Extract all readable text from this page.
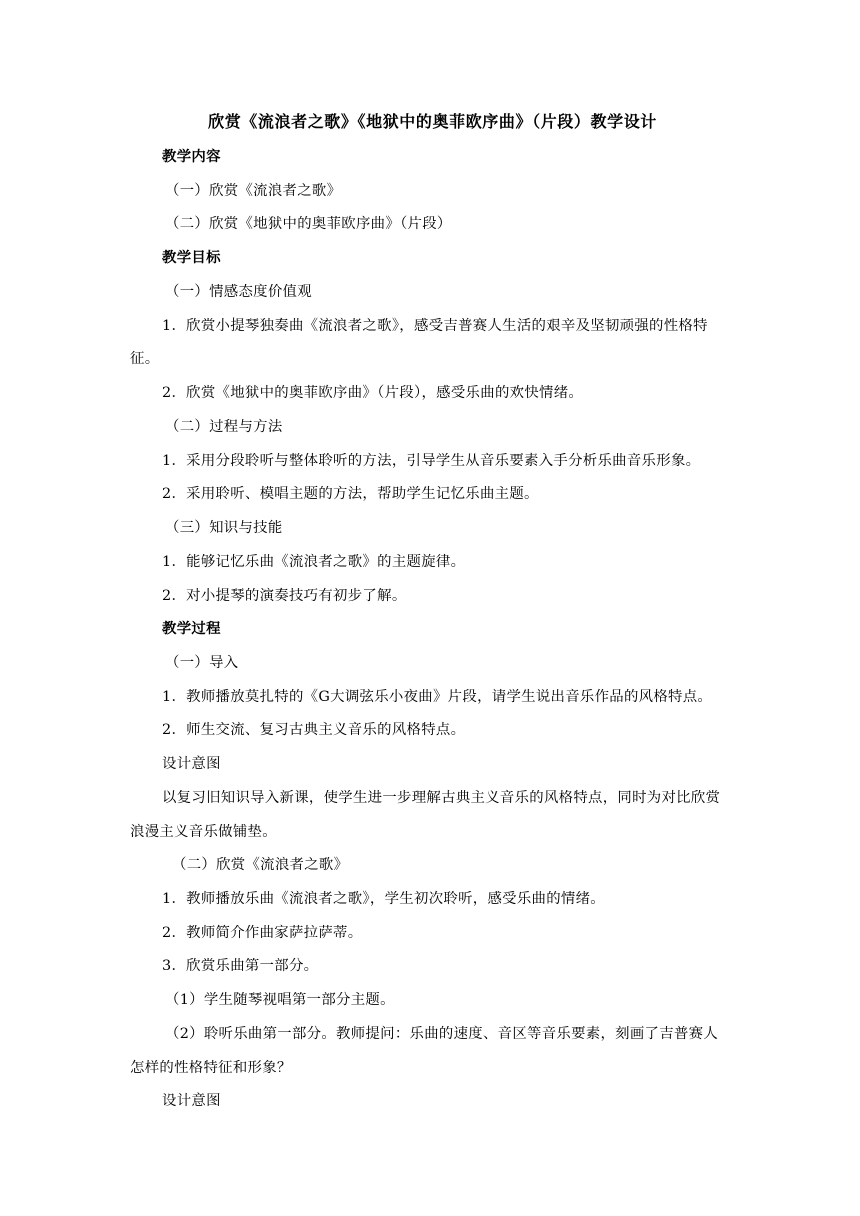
欣赏《流浪者之歌》《地狱中的奥菲欧序曲》（片段）教学设计
教学内容
（一）欣赏《流浪者之歌》
（二）欣赏《地狱中的奥菲欧序曲》（片段）
教学目标
（一）情感态度价值观
1．欣赏小提琴独奏曲《流浪者之歌》，感受吉普赛人生活的艰辛及坚韧顽强的性格特
征。
2．欣赏《地狱中的奥菲欧序曲》（片段），感受乐曲的欢快情绪。
（二）过程与方法
1．采用分段聆听与整体聆听的方法，引导学生从音乐要素入手分析乐曲音乐形象。
2．采用聆听、模唱主题的方法，帮助学生记忆乐曲主题。
（三）知识与技能
1．能够记忆乐曲《流浪者之歌》的主题旋律。
2．对小提琴的演奏技巧有初步了解。
教学过程
（一）导入
1．教师播放莫扎特的《G大调弦乐小夜曲》片段，请学生说出音乐作品的风格特点。
2．师生交流、复习古典主义音乐的风格特点。
设计意图
以复习旧知识导入新课，使学生进一步理解古典主义音乐的风格特点，同时为对比欣赏
浪漫主义音乐做铺垫。
（二）欣赏《流浪者之歌》
1．教师播放乐曲《流浪者之歌》，学生初次聆听，感受乐曲的情绪。
2．教师简介作曲家萨拉萨蒂。
3．欣赏乐曲第一部分。
（1）学生随琴视唱第一部分主题。
（2）聆听乐曲第一部分。教师提问：乐曲的速度、音区等音乐要素，刻画了吉普赛人
怎样的性格特征和形象？
设计意图
